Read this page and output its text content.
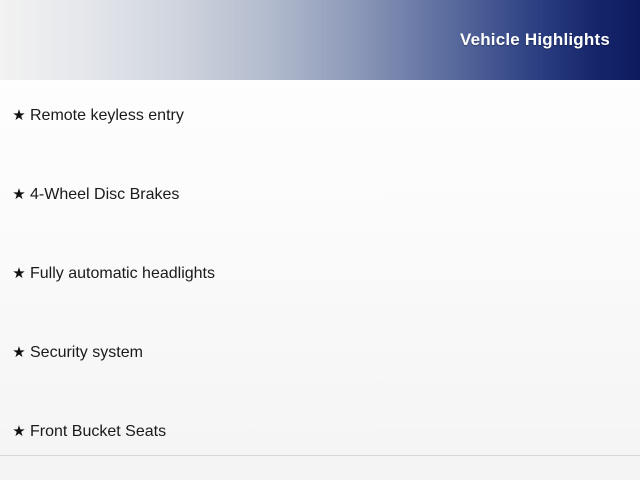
Vehicle Highlights
★ Remote keyless entry
★ 4-Wheel Disc Brakes
★ Fully automatic headlights
★ Security system
★ Front Bucket Seats
